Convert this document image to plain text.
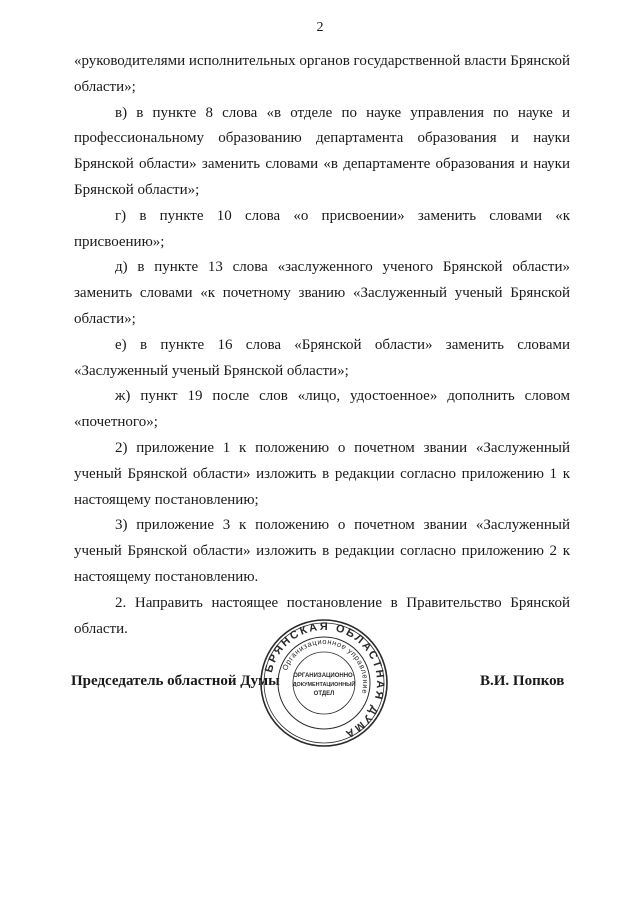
2

«руководителями исполнительных органов государственной власти Брянской области»;

в) в пункте 8 слова «в отделе по науке управления по науке и профессиональному образованию департамента образования и науки Брянской области» заменить словами «в департаменте образования и науки Брянской области»;

г) в пункте 10 слова «о присвоении» заменить словами «к присвоению»;

д) в пункте 13 слова «заслуженного ученого Брянской области» заменить словами «к почетному званию «Заслуженный ученый Брянской области»;

е) в пункте 16 слова «Брянской области» заменить словами «Заслуженный ученый Брянской области»;

ж) пункт 19 после слов «лицо, удостоенное» дополнить словом «почетного»;

2) приложение 1 к положению о почетном звании «Заслуженный ученый Брянской области» изложить в редакции согласно приложению 1 к настоящему постановлению;

3) приложение 3 к положению о почетном звании «Заслуженный ученый Брянской области» изложить в редакции согласно приложению 2 к настоящему постановлению.

2. Направить настоящее постановление в Правительство Брянской области.

Председатель областной Думы
БРЯНСКАЯ ОБЛАСТНАЯ ДУМА
Организационное управление
ОРГАНИЗАЦИОННО-
ДОКУМЕНТАЦИОННЫЙ
ОТДЕЛ
В.И. Попков
